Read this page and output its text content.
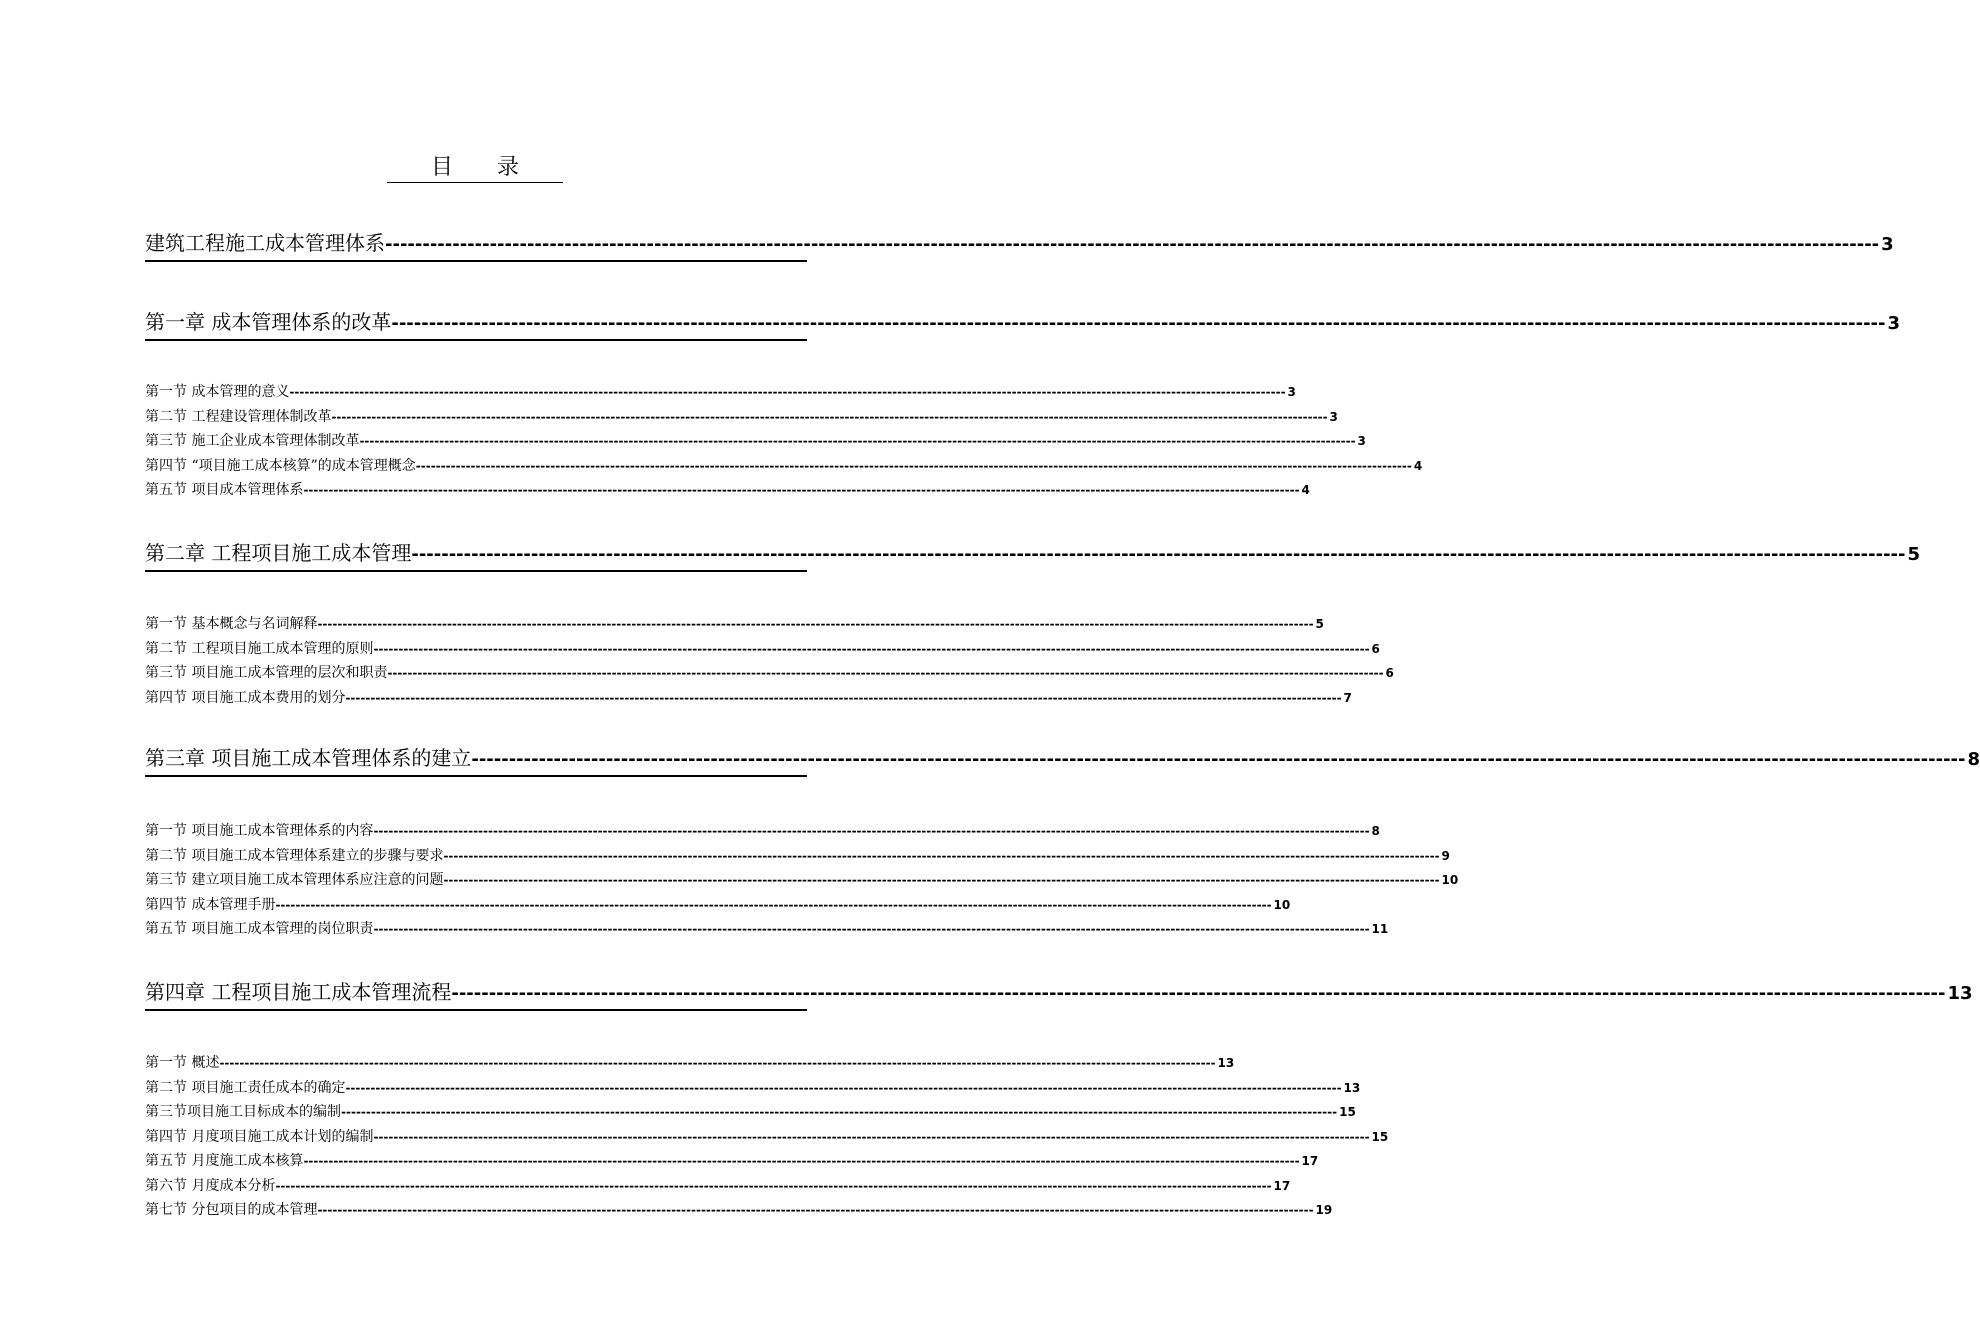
目录
建筑工程施工成本管理体系 -------------------------------------------------------------------------------------------------------------------------------------------------------------------------------------------------------- 3
第一章 成本管理体系的改革 -------------------------------------------------------------------------------------------------------------------------------------------------------------------------------------------------------- 3
第一节 成本管理的意义 -------------------------------------------------------------------------------------------------------------------------------------------------------------------------------------------------------- 3
第二节 工程建设管理体制改革 -------------------------------------------------------------------------------------------------------------------------------------------------------------------------------------------------------- 3
第三节 施工企业成本管理体制改革 -------------------------------------------------------------------------------------------------------------------------------------------------------------------------------------------------------- 3
第四节 “项目施工成本核算”的成本管理概念 -------------------------------------------------------------------------------------------------------------------------------------------------------------------------------------------------------- 4
第五节 项目成本管理体系 -------------------------------------------------------------------------------------------------------------------------------------------------------------------------------------------------------- 4
第二章 工程项目施工成本管理 -------------------------------------------------------------------------------------------------------------------------------------------------------------------------------------------------------- 5
第一节 基本概念与名词解释 -------------------------------------------------------------------------------------------------------------------------------------------------------------------------------------------------------- 5
第二节 工程项目施工成本管理的原则 -------------------------------------------------------------------------------------------------------------------------------------------------------------------------------------------------------- 6
第三节 项目施工成本管理的层次和职责 -------------------------------------------------------------------------------------------------------------------------------------------------------------------------------------------------------- 6
第四节 项目施工成本费用的划分 -------------------------------------------------------------------------------------------------------------------------------------------------------------------------------------------------------- 7
第三章 项目施工成本管理体系的建立 -------------------------------------------------------------------------------------------------------------------------------------------------------------------------------------------------------- 8
第一节 项目施工成本管理体系的内容 -------------------------------------------------------------------------------------------------------------------------------------------------------------------------------------------------------- 8
第二节 项目施工成本管理体系建立的步骤与要求 -------------------------------------------------------------------------------------------------------------------------------------------------------------------------------------------------------- 9
第三节 建立项目施工成本管理体系应注意的问题 -------------------------------------------------------------------------------------------------------------------------------------------------------------------------------------------------------- 10
第四节 成本管理手册 -------------------------------------------------------------------------------------------------------------------------------------------------------------------------------------------------------- 10
第五节 项目施工成本管理的岗位职责 -------------------------------------------------------------------------------------------------------------------------------------------------------------------------------------------------------- 11
第四章 工程项目施工成本管理流程 -------------------------------------------------------------------------------------------------------------------------------------------------------------------------------------------------------- 13
第一节 概述 -------------------------------------------------------------------------------------------------------------------------------------------------------------------------------------------------------- 13
第二节 项目施工责任成本的确定 -------------------------------------------------------------------------------------------------------------------------------------------------------------------------------------------------------- 13
第三节项目施工目标成本的编制 -------------------------------------------------------------------------------------------------------------------------------------------------------------------------------------------------------- 15
第四节 月度项目施工成本计划的编制 -------------------------------------------------------------------------------------------------------------------------------------------------------------------------------------------------------- 15
第五节 月度施工成本核算 -------------------------------------------------------------------------------------------------------------------------------------------------------------------------------------------------------- 17
第六节 月度成本分析 -------------------------------------------------------------------------------------------------------------------------------------------------------------------------------------------------------- 17
第七节 分包项目的成本管理 -------------------------------------------------------------------------------------------------------------------------------------------------------------------------------------------------------- 19
